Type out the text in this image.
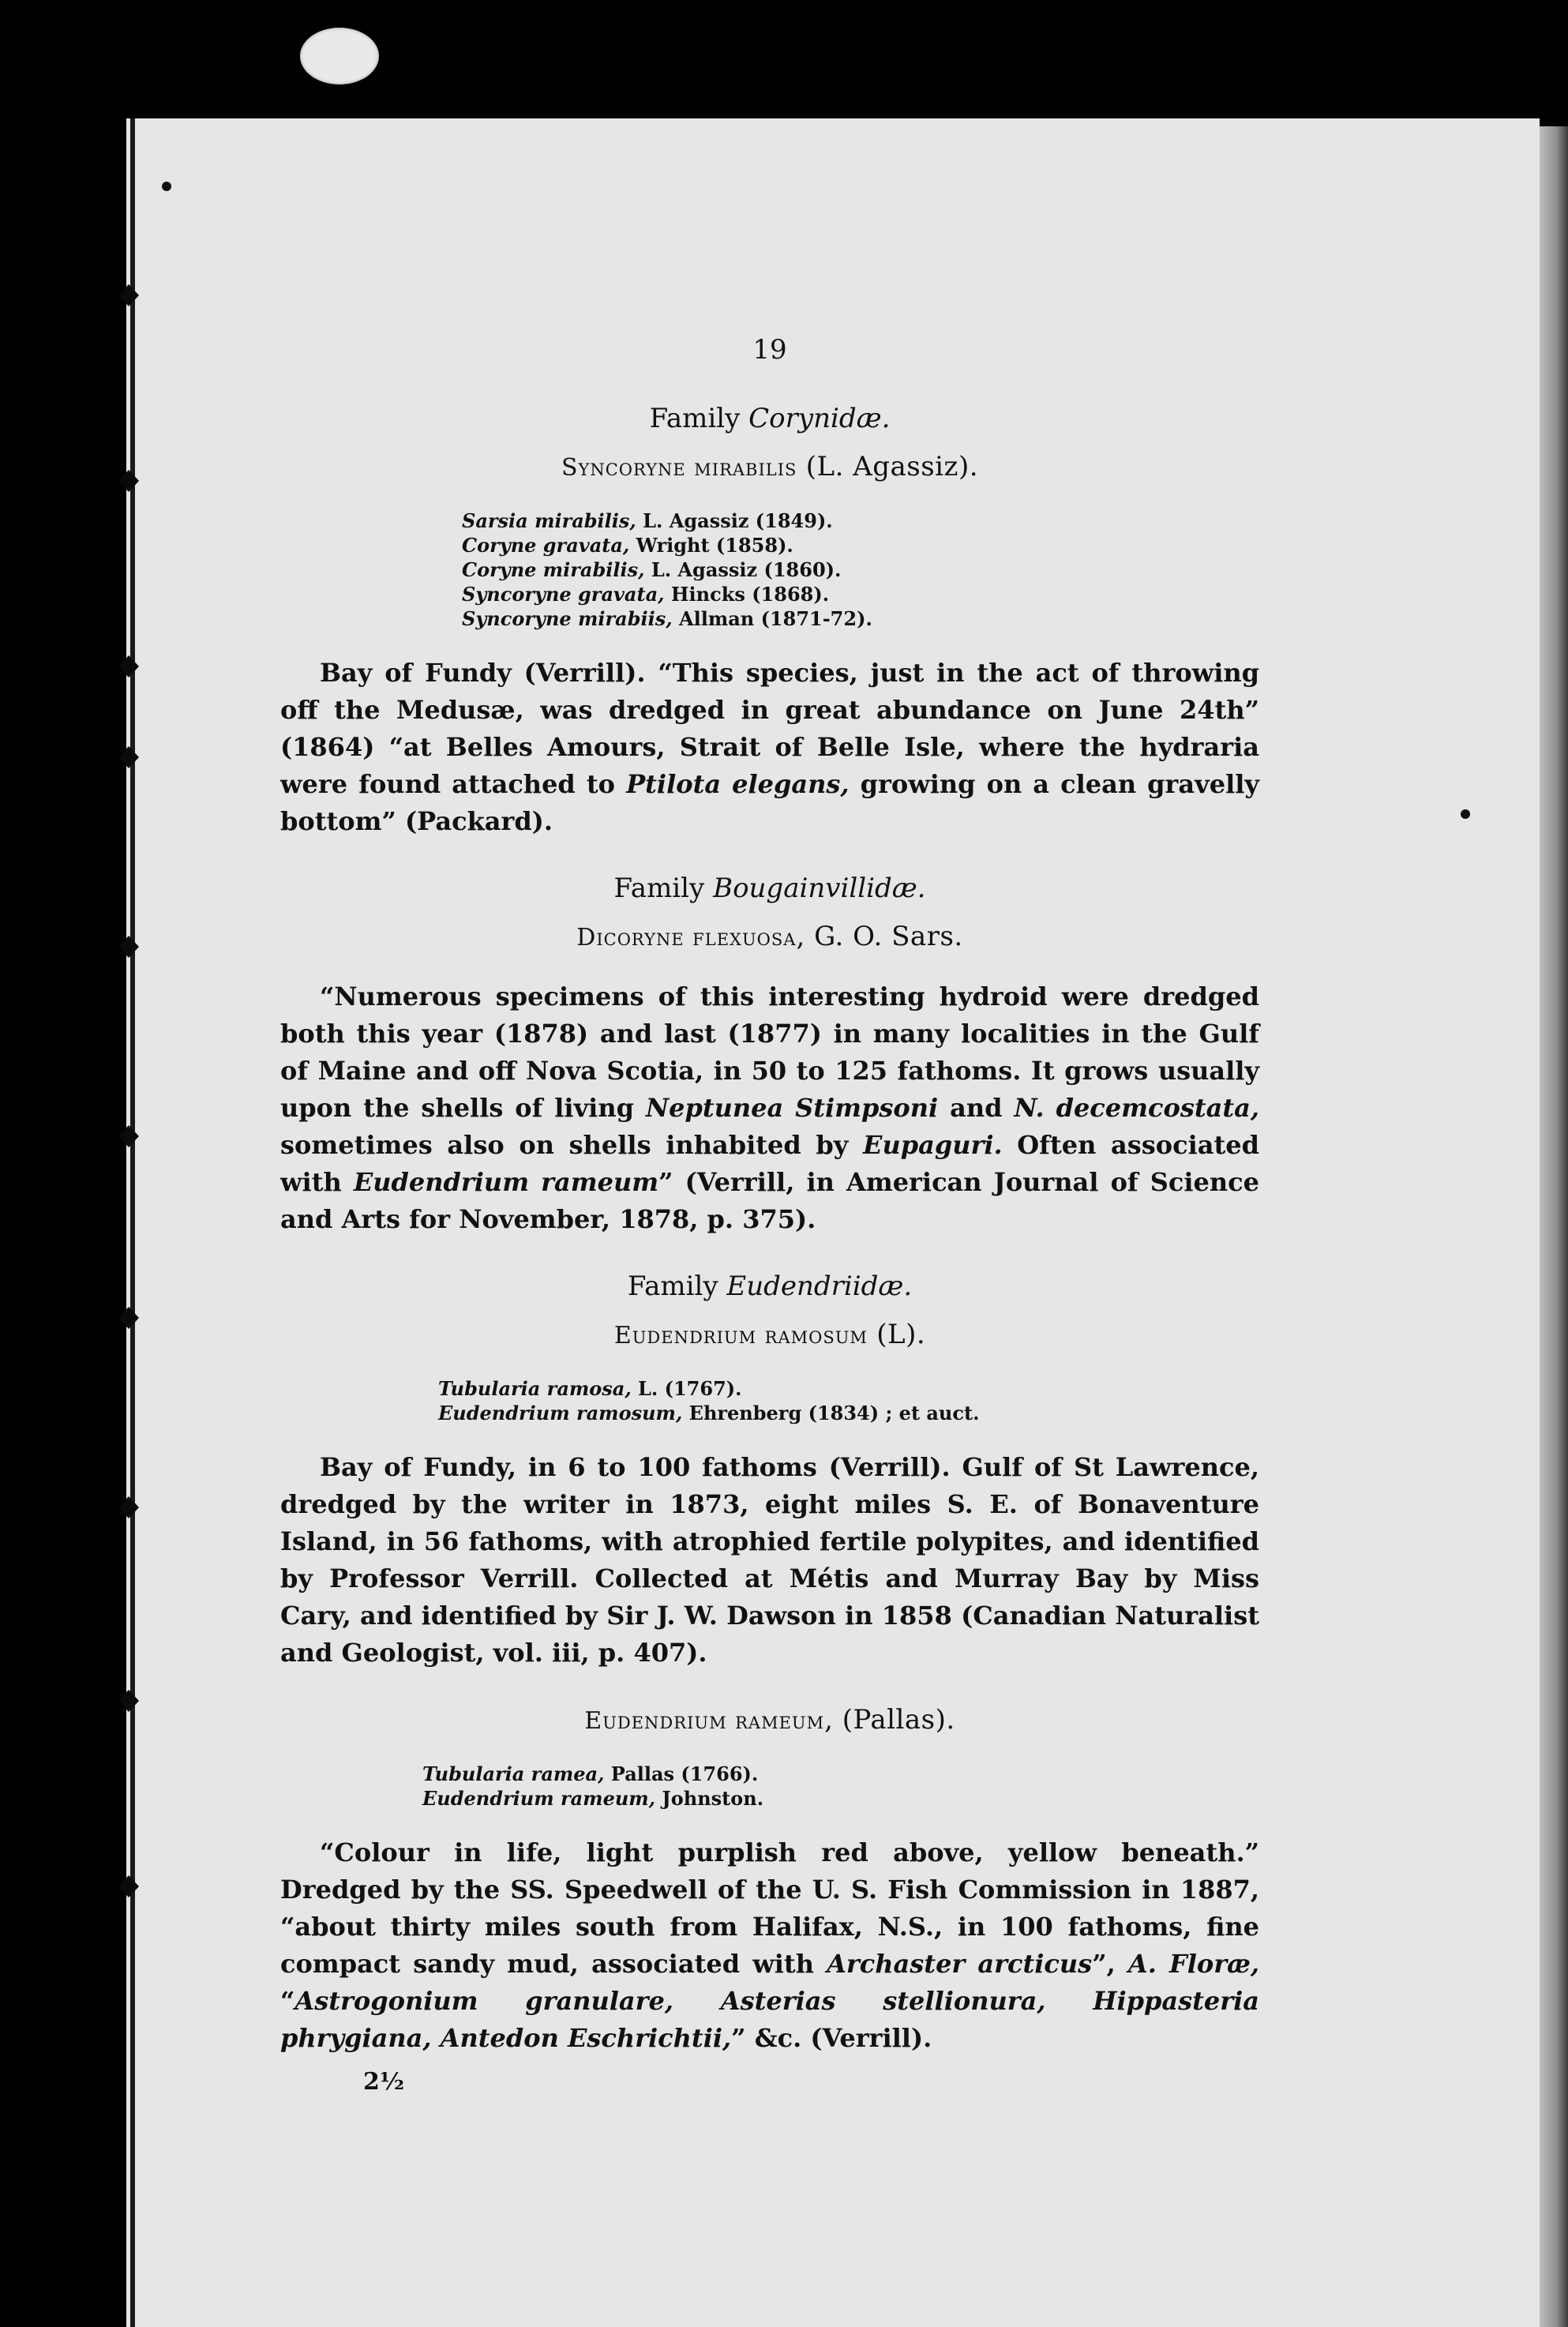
19
Family Corynidæ.
Syncoryne mirabilis (L. Agassiz).
Sarsia mirabilis, L. Agassiz (1849).
Coryne gravata, Wright (1858).
Coryne mirabilis, L. Agassiz (1860).
Syncoryne gravata, Hincks (1868).
Syncoryne mirabiis, Allman (1871-72).

Bay of Fundy (Verrill). “This species, just in the act of throwing off the Medusæ, was dredged in great abundance on June 24th” (1864) “at Belles Amours, Strait of Belle Isle, where the hydraria were found attached to Ptilota elegans, growing on a clean gravelly bottom” (Packard).

Family Bougainvillidæ.
Dicoryne flexuosa, G. O. Sars.

“Numerous specimens of this interesting hydroid were dredged both this year (1878) and last (1877) in many localities in the Gulf of Maine and off Nova Scotia, in 50 to 125 fathoms. It grows usually upon the shells of living Neptunea Stimpsoni and N. decemcostata, sometimes also on shells inhabited by Eupaguri. Often associated with Eudendrium rameum” (Verrill, in American Journal of Science and Arts for November, 1878, p. 375).

Family Eudendriidæ.
Eudendrium ramosum (L).
Tubularia ramosa, L. (1767).
Eudendrium ramosum, Ehrenberg (1834) ; et auct.

Bay of Fundy, in 6 to 100 fathoms (Verrill). Gulf of St Lawrence, dredged by the writer in 1873, eight miles S. E. of Bonaventure Island, in 56 fathoms, with atrophied fertile polypites, and identified by Professor Verrill. Collected at Métis and Murray Bay by Miss Cary, and identified by Sir J. W. Dawson in 1858 (Canadian Naturalist and Geologist, vol. iii, p. 407).

Eudendrium rameum, (Pallas).
Tubularia ramea, Pallas (1766).
Eudendrium rameum, Johnston.

“Colour in life, light purplish red above, yellow beneath.” Dredged by the SS. Speedwell of the U. S. Fish Commission in 1887, “about thirty miles south from Halifax, N.S., in 100 fathoms, fine compact sandy mud, associated with Archaster arcticus”, A. Floræ, “Astrogonium granulare, Asterias stellionura, Hippasteria phrygiana, Antedon Eschrichtii,” &c. (Verrill).

2½
